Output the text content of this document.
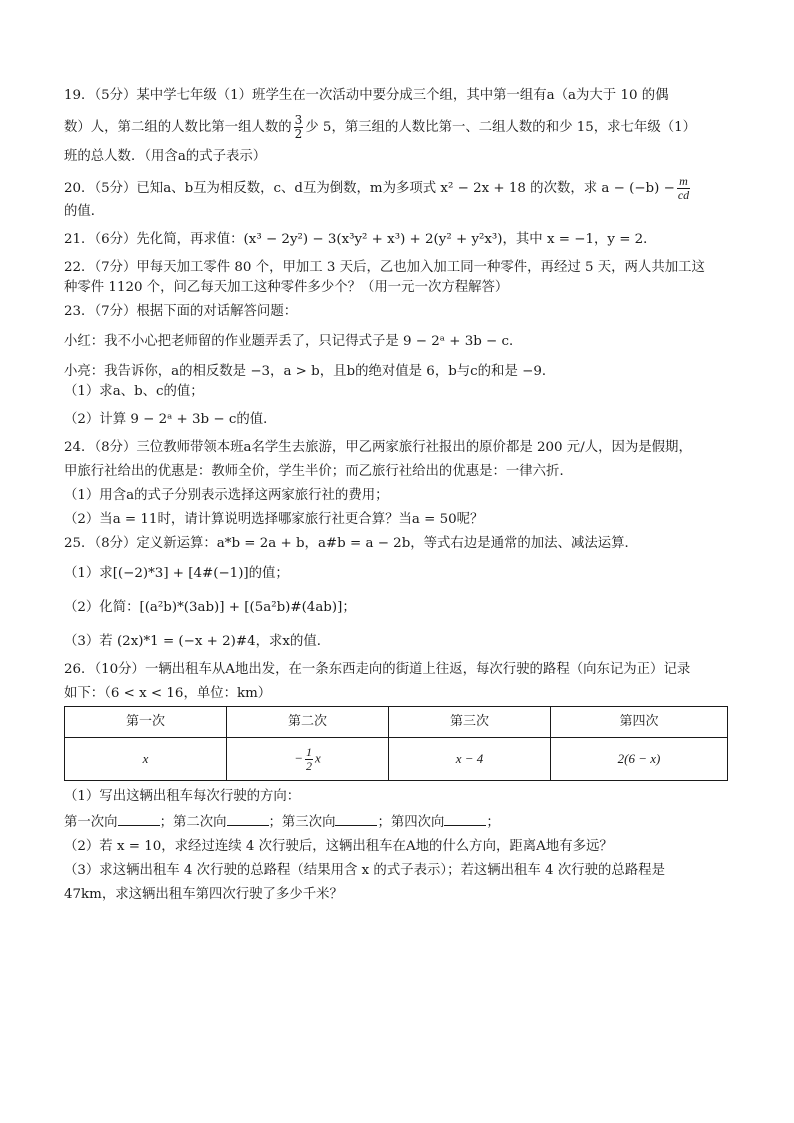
19．（5分）某中学七年级（1）班学生在一次活动中要分成三个组，其中第一组有a（a为大于 10 的偶
数）人，第二组的人数比第一组人数的 $\frac{3}{2}$ 少 5，第三组的人数比第一、二组人数的和少 15，求七年级（1）
班的总人数．（用含a的式子表示）
20．（5分）已知a、b互为相反数，c、d互为倒数，m为多项式 x² − 2x + 18 的次数，求 $a - (-b) - \frac{m}{cd}$
的值．
21．（6分）先化简，再求值：(x³ − 2y²) − 3(x³y² + x³) + 2(y² + y²x³)，其中 x = −1，y = 2．
22．（7分）甲每天加工零件 80 个，甲加工 3 天后，乙也加入加工同一种零件，再经过 5 天，两人共加工这
种零件 1120 个，问乙每天加工这种零件多少个？（用一元一次方程解答）
23．（7分）根据下面的对话解答问题：
小红：我不小心把老师留的作业题弄丢了，只记得式子是 9 − 2ᵃ + 3b − c．
小亮：我告诉你，a的相反数是 −3，a > b，且b的绝对值是 6，b与c的和是 −9．
（1）求a、b、c的值；
（2）计算 9 − 2ᵃ + 3b − c的值．
24．（8分）三位教师带领本班a名学生去旅游，甲乙两家旅行社报出的原价都是 200 元/人，因为是假期，
甲旅行社给出的优惠是：教师全价，学生半价；而乙旅行社给出的优惠是：一律六折．
（1）用含a的式子分别表示选择这两家旅行社的费用；
（2）当a = 11时，请计算说明选择哪家旅行社更合算？当a = 50呢？
25．（8分）定义新运算：a*b = 2a + b，a#b = a − 2b，等式右边是通常的加法、减法运算．
（1）求[(−2)*3] + [4#(−1)]的值；
（2）化简：[(a²b)*(3ab)] + [(5a²b)#(4ab)]；
（3）若 (2x)*1 = (−x + 2)#4，求x的值．
26．（10分）一辆出租车从A地出发，在一条东西走向的街道上往返，每次行驶的路程（向东记为正）记录
如下：（6 < x < 16，单位：km）
第一次	第二次	第三次	第四次
x	− $\frac{1}{2}$ x	x − 4	2(6 − x)
（1）写出这辆出租车每次行驶的方向：
第一次向	；第二次向	；第三次向	；第四次向	；
（2）若 x = 10，求经过连续 4 次行驶后，这辆出租车在A地的什么方向，距离A地有多远？
（3）求这辆出租车 4 次行驶的总路程（结果用含 x 的式子表示）；若这辆出租车 4 次行驶的总路程是
47km，求这辆出租车第四次行驶了多少千米？
